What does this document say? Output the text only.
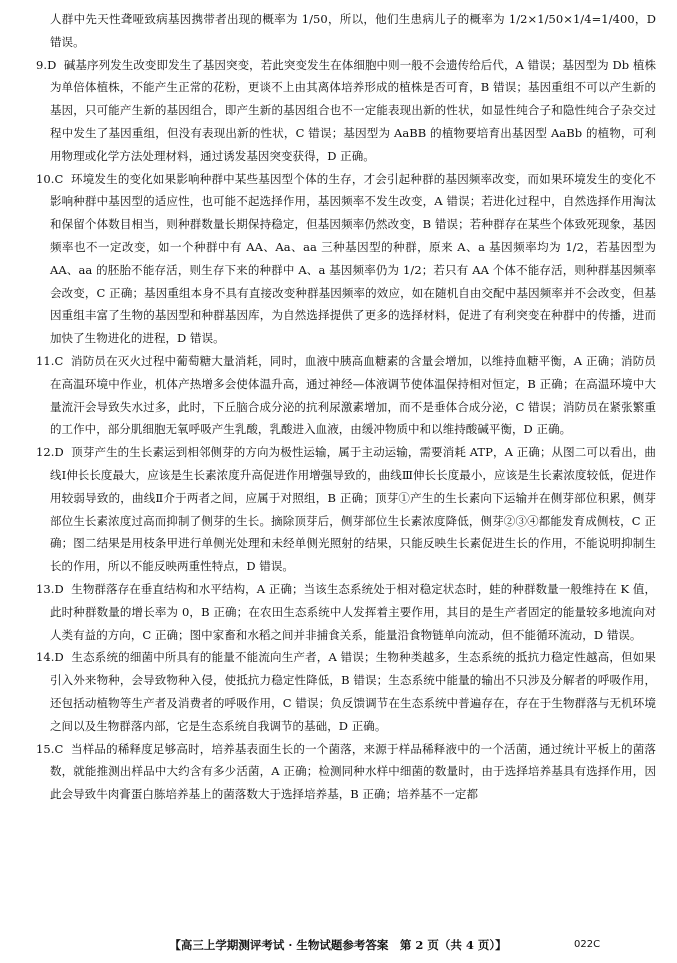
人群中先天性聋哑致病基因携带者出现的概率为 1/50，所以，他们生患病儿子的概率为 1/2×1/50×1/4=1/400，D 错误。

9.D 碱基序列发生改变即发生了基因突变，若此突变发生在体细胞中则一般不会遗传给后代，A 错误；基因型为 Db 植株为单倍体植株，不能产生正常的花粉，更谈不上由其离体培养形成的植株是否可育，B 错误；基因重组不可以产生新的基因，只可能产生新的基因组合，即产生新的基因组合也不一定能表现出新的性状，如显性纯合子和隐性纯合子杂交过程中发生了基因重组，但没有表现出新的性状，C 错误；基因型为 AaBB 的植物要培育出基因型 AaBb 的植物，可利用物理或化学方法处理材料，通过诱发基因突变获得，D 正确。

10.C 环境发生的变化如果影响种群中某些基因型个体的生存，才会引起种群的基因频率改变，而如果环境发生的变化不影响种群中基因型的适应性，也可能不起选择作用，基因频率不发生改变，A 错误；若进化过程中，自然选择作用淘汰和保留个体数目相当，则种群数量长期保持稳定，但基因频率仍然改变，B 错误；若种群存在某些个体致死现象，基因频率也不一定改变，如一个种群中有 AA、Aa、aa 三种基因型的种群，原来 A、a 基因频率均为 1/2，若基因型为 AA、aa 的胚胎不能存活，则生存下来的种群中 A、a 基因频率仍为 1/2；若只有 AA 个体不能存活，则种群基因频率会改变，C 正确；基因重组本身不具有直接改变种群基因频率的效应，如在随机自由交配中基因频率并不会改变，但基因重组丰富了生物的基因型和种群基因库，为自然选择提供了更多的选择材料，促进了有利突变在种群中的传播，进而加快了生物进化的进程，D 错误。

11.C 消防员在灭火过程中葡萄糖大量消耗，同时，血液中胰高血糖素的含量会增加，以维持血糖平衡，A 正确；消防员在高温环境中作业，机体产热增多会使体温升高，通过神经—体液调节使体温保持相对恒定，B 正确；在高温环境中大量流汗会导致失水过多，此时，下丘脑合成分泌的抗利尿激素增加，而不是垂体合成分泌，C 错误；消防员在紧张繁重的工作中，部分肌细胞无氧呼吸产生乳酸，乳酸进入血液，由缓冲物质中和以维持酸碱平衡，D 正确。

12.D 顶芽产生的生长素运到相邻侧芽的方向为极性运输，属于主动运输，需要消耗 ATP，A 正确；从图二可以看出，曲线Ⅰ伸长长度最大，应该是生长素浓度升高促进作用增强导致的，曲线Ⅲ伸长长度最小，应该是生长素浓度较低，促进作用较弱导致的，曲线Ⅱ介于两者之间，应属于对照组，B 正确；顶芽①产生的生长素向下运输并在侧芽部位积累，侧芽部位生长素浓度过高而抑制了侧芽的生长。摘除顶芽后，侧芽部位生长素浓度降低，侧芽②③④都能发育成侧枝，C 正确；图二结果是用枝条甲进行单侧光处理和未经单侧光照射的结果，只能反映生长素促进生长的作用，不能说明抑制生长的作用，所以不能反映两重性特点，D 错误。

13.D 生物群落存在垂直结构和水平结构，A 正确；当该生态系统处于相对稳定状态时，蛙的种群数量一般维持在 K 值，此时种群数量的增长率为 0，B 正确；在农田生态系统中人发挥着主要作用，其目的是生产者固定的能量较多地流向对人类有益的方向，C 正确；图中家畜和水稻之间并非捕食关系，能量沿食物链单向流动，但不能循环流动，D 错误。

14.D 生态系统的细菌中所具有的能量不能流向生产者，A 错误；生物种类越多，生态系统的抵抗力稳定性越高，但如果引入外来物种，会导致物种入侵，使抵抗力稳定性降低，B 错误；生态系统中能量的输出不只涉及分解者的呼吸作用，还包括动植物等生产者及消费者的呼吸作用，C 错误；负反馈调节在生态系统中普遍存在，存在于生物群落与无机环境之间以及生物群落内部，它是生态系统自我调节的基础，D 正确。

15.C 当样品的稀释度足够高时，培养基表面生长的一个菌落，来源于样品稀释液中的一个活菌，通过统计平板上的菌落数，就能推测出样品中大约含有多少活菌，A 正确；检测同种水样中细菌的数量时，由于选择培养基具有选择作用，因此会导致牛肉膏蛋白胨培养基上的菌落数大于选择培养基，B 正确；培养基不一定都

【高三上学期测评考试 · 生物试题参考答案　第 2 页（共 4 页）】	022C
